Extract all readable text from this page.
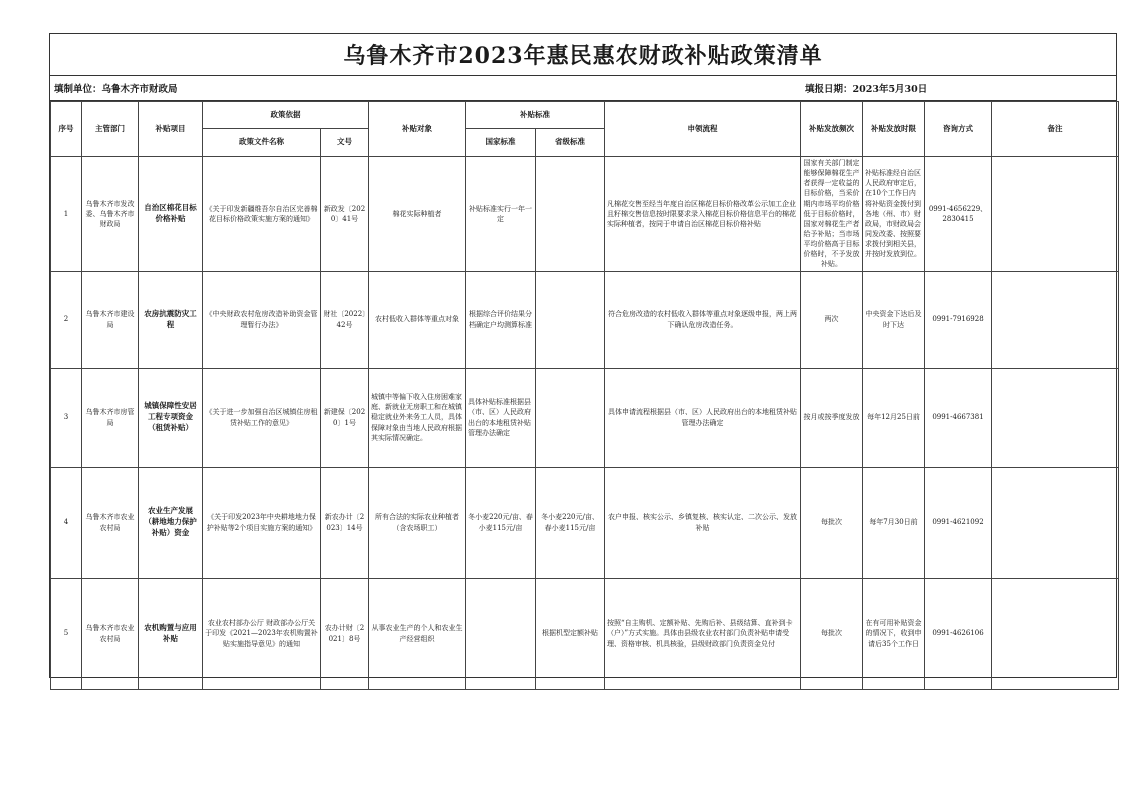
乌鲁木齐市2023年惠民惠农财政补贴政策清单
填制单位：乌鲁木齐市财政局	填报日期：2023年5月30日
序号	主管部门	补贴项目	政策依据		补贴对象	补贴标准		申领流程	补贴发放频次	补贴发放时限	咨询方式	备注
			政策文件名称	文号		国家标准	省级标准					
1	乌鲁木齐市发改委、乌鲁木齐市财政局	自治区棉花目标价格补贴	《关于印发新疆维吾尔自治区完善棉花目标价格政策实施方案的通知》	新政发〔2020〕41号	棉花实际种植者	补贴标准实行一年一定		凡棉花交售至经当年度自治区棉花目标价格改革公示加工企业且籽棉交售信息按时限要求录入棉花目标价格信息平台的棉花实际种植者，按同于申请自治区棉花目标价格补贴	国家有关部门制定能够保障棉花生产者获得一定收益的目标价格，当采价期内市场平均价格低于目标价格时，国家对棉花生产者给予补贴；当市场平均价格高于目标价格时，不予发放补贴。	补贴标准经自治区人民政府审定后，在10个工作日内将补贴资金拨付到各地（州、市）财政局，市财政局会同发改委、按照要求拨付到相关县，并按时发放到位。	0991-4656229、2830415	
2	乌鲁木齐市建设局	农房抗震防灾工程	《中央财政农村危房改造补助资金管理暂行办法》	财社〔2022〕42号	农村低收入群体等重点对象	根据综合评价结果分档确定户均测算标准		符合危房改造的农村低收入群体等重点对象逐级申报，两上两下确认危房改造任务。	两次	中央资金下达后及时下达	0991-7916928	
3	乌鲁木齐市房管局	城镇保障性安居工程专项资金（租赁补贴）	《关于进一步加强自治区城镇住房租赁补贴工作的意见》	新建保〔2020〕1号	城镇中等偏下收入住房困难家庭、新就业无房职工和在城镇稳定就业外来务工人员，具体保障对象由当地人民政府根据其实际情况确定。	具体补贴标准根据县（市、区）人民政府出台的本地租赁补贴管理办法确定		具体申请流程根据县（市、区）人民政府出台的本地租赁补贴管理办法确定	按月或按季度发放	每年12月25日前	0991-4667381	
4	乌鲁木齐市农业农村局	农业生产发展（耕地地力保护补贴）资金	《关于印发2023年中央耕地地力保护补贴等2个项目实施方案的通知》	新农办计〔2023〕14号	所有合法的实际农业种植者（含农场职工）	冬小麦220元/亩、春小麦115元/亩	冬小麦220元/亩、春小麦115元/亩	农户申报、核实公示、乡镇复核、核实认定、二次公示、发放补贴	每批次	每年7月30日前	0991-4621092	
5	乌鲁木齐市农业农村局	农机购置与应用补贴	农业农村部办公厅 财政部办公厅关于印发《2021—2023年农机购置补贴实施指导意见》的通知	农办计财〔2021〕8号	从事农业生产的个人和农业生产经营组织		根据机型定额补贴	按照“自主购机、定额补贴、先购后补、县级结算、直补到卡（户）”方式实施。具体由县级农业农村部门负责补贴申请受理、资格审核、机具核验，县级财政部门负责资金兑付	每批次	在有可用补贴资金的情况下，收到申请后35个工作日	0991-4626106	
